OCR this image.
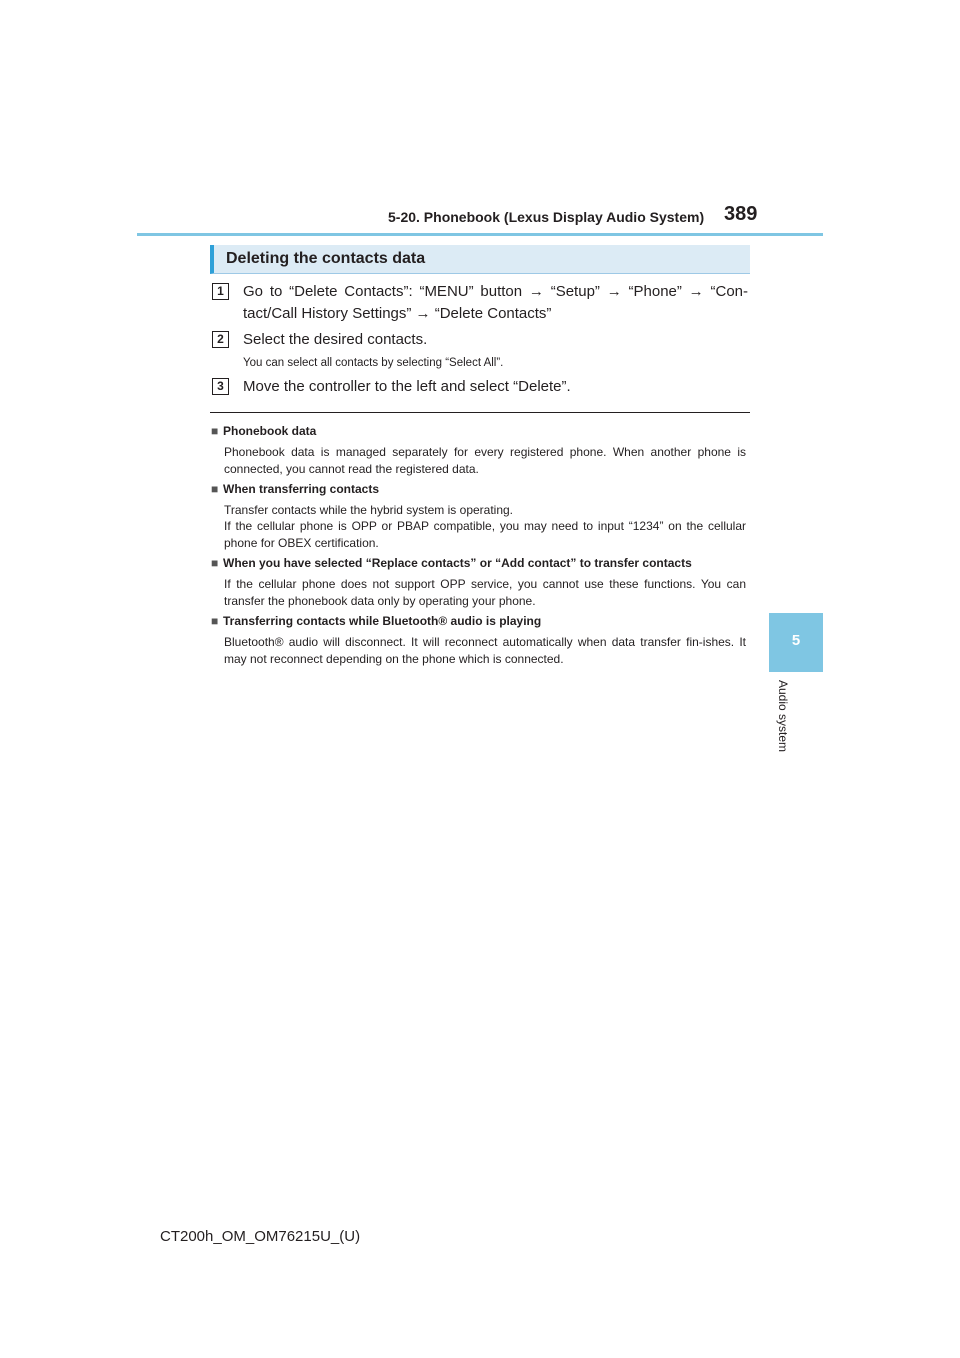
5-20. Phonebook (Lexus Display Audio System) 389
Deleting the contacts data
1	Go to “Delete Contacts”: “MENU” button → “Setup” → “Phone” → “Con-tact/Call History Settings” → “Delete Contacts”
2	Select the desired contacts.
You can select all contacts by selecting “Select All”.
3	Move the controller to the left and select “Delete”.
■ Phonebook data
Phonebook data is managed separately for every registered phone. When another phone is connected, you cannot read the registered data.
■ When transferring contacts
Transfer contacts while the hybrid system is operating.
If the cellular phone is OPP or PBAP compatible, you may need to input “1234” on the cellular phone for OBEX certification.
■ When you have selected “Replace contacts” or “Add contact” to transfer contacts
If the cellular phone does not support OPP service, you cannot use these functions. You can transfer the phonebook data only by operating your phone.
■ Transferring contacts while Bluetooth® audio is playing
Bluetooth® audio will disconnect. It will reconnect automatically when data transfer fin-ishes. It may not reconnect depending on the phone which is connected.
5
Audio system
CT200h_OM_OM76215U_(U)
